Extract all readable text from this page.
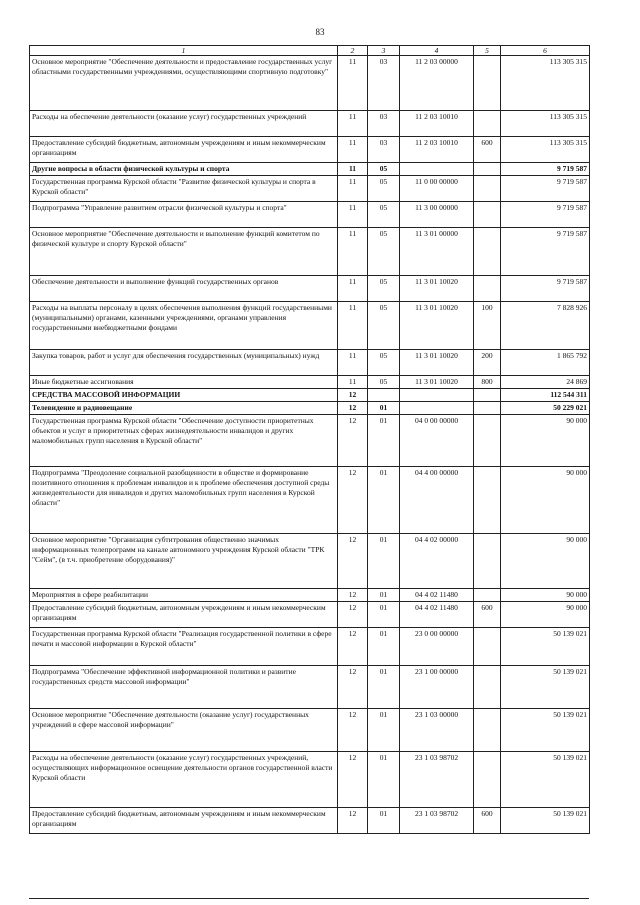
83
1	2	3	4	5	6
Основное мероприятие "Обеспечение деятельности и предоставление государственных услуг областными государственными учреждениями, осуществляющими спортивную подготовку"	11	03	11 2 03 00000		113 305 315
Расходы на обеспечение деятельности (оказание услуг) государственных учреждений	11	03	11 2 03 10010		113 305 315
Предоставление субсидий бюджетным, автономным учреждениям и иным некоммерческим организациям	11	03	11 2 03 10010	600	113 305 315
Другие вопросы в области физической культуры и спорта	11	05			9 719 587
Государственная программа Курской области "Развитие физической культуры и спорта в Курской области"	11	05	11 0 00 00000		9 719 587
Подпрограмма "Управление развитием отрасли физической культуры и спорта"	11	05	11 3 00 00000		9 719 587
Основное мероприятие "Обеспечение деятельности и выполнение функций комитетом по физической культуре и спорту Курской области"	11	05	11 3 01 00000		9 719 587
Обеспечение деятельности и выполнение функций государственных органов	11	05	11 3 01 10020		9 719 587
Расходы на выплаты персоналу в целях обеспечения выполнения функций государственными (муниципальными) органами, казенными учреждениями, органами управления государственными внебюджетными фондами	11	05	11 3 01 10020	100	7 828 926
Закупка товаров, работ и услуг для обеспечения государственных (муниципальных) нужд	11	05	11 3 01 10020	200	1 865 792
Иные бюджетные ассигнования	11	05	11 3 01 10020	800	24 869
СРЕДСТВА МАССОВОЙ ИНФОРМАЦИИ	12				112 544 311
Телевидение и радиовещание	12	01			50 229 021
Государственная программа Курской области "Обеспечение доступности приоритетных объектов и услуг в приоритетных сферах жизнедеятельности инвалидов и других маломобильных групп населения в Курской области"	12	01	04 0 00 00000		90 000
Подпрограмма "Преодоление социальной разобщенности в обществе и формирование позитивного отношения к проблемам инвалидов и к проблеме обеспечения доступной среды жизнедеятельности для инвалидов и других маломобильных групп населения в Курской области"	12	01	04 4 00 00000		90 000
Основное мероприятие "Организация субтитрования общественно значимых информационных телепрограмм на канале автономного учреждения Курской области "ТРК "Сейм", (в т.ч. приобретение оборудования)"	12	01	04 4 02 00000		90 000
Мероприятия в сфере реабилитации	12	01	04 4 02 11480		90 000
Предоставление субсидий бюджетным, автономным учреждениям и иным некоммерческим организациям	12	01	04 4 02 11480	600	90 000
Государственная программа Курской области "Реализация государственной политики в сфере печати и массовой информации в Курской области"	12	01	23 0 00 00000		50 139 021
Подпрограмма "Обеспечение эффективной информационной политики и развитие государственных средств массовой информации"	12	01	23 1 00 00000		50 139 021
Основное мероприятие "Обеспечение деятельности (оказание услуг) государственных учреждений в сфере массовой информации"	12	01	23 1 03 00000		50 139 021
Расходы на обеспечение деятельности (оказание услуг) государственных учреждений, осуществляющих информационное освещение деятельности органов государственной власти Курской области	12	01	23 1 03 98702		50 139 021
Предоставление субсидий бюджетным, автономным учреждениям и иным некоммерческим организациям	12	01	23 1 03 98702	600	50 139 021
